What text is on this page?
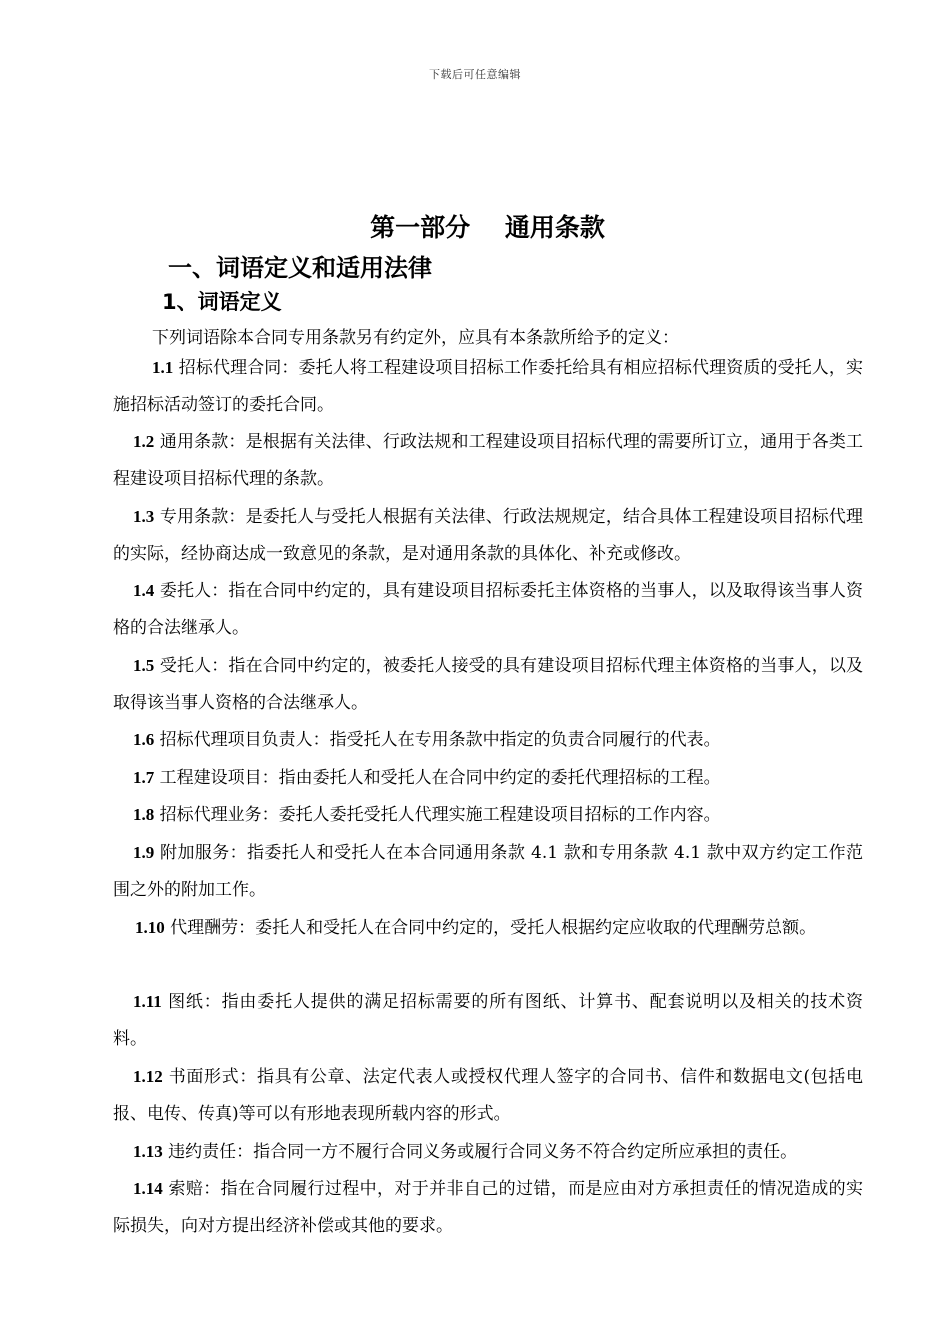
下载后可任意编辑
第一部分    通用条款
一、词语定义和适用法律
1、词语定义
下列词语除本合同专用条款另有约定外，应具有本条款所给予的定义：
1.1 招标代理合同：委托人将工程建设项目招标工作委托给具有相应招标代理资质的受托人，实施招标活动签订的委托合同。
1.2 通用条款：是根据有关法律、行政法规和工程建设项目招标代理的需要所订立，通用于各类工程建设项目招标代理的条款。
1.3 专用条款：是委托人与受托人根据有关法律、行政法规规定，结合具体工程建设项目招标代理的实际，经协商达成一致意见的条款，是对通用条款的具体化、补充或修改。
1.4 委托人：指在合同中约定的，具有建设项目招标委托主体资格的当事人，以及取得该当事人资格的合法继承人。
1.5 受托人：指在合同中约定的，被委托人接受的具有建设项目招标代理主体资格的当事人，以及取得该当事人资格的合法继承人。
1.6 招标代理项目负责人：指受托人在专用条款中指定的负责合同履行的代表。
1.7 工程建设项目：指由委托人和受托人在合同中约定的委托代理招标的工程。
1.8 招标代理业务：委托人委托受托人代理实施工程建设项目招标的工作内容。
1.9 附加服务：指委托人和受托人在本合同通用条款 4.1 款和专用条款 4.1 款中双方约定工作范围之外的附加工作。
1.10 代理酬劳：委托人和受托人在合同中约定的，受托人根据约定应收取的代理酬劳总额。
1.11 图纸：指由委托人提供的满足招标需要的所有图纸、计算书、配套说明以及相关的技术资料。
1.12 书面形式：指具有公章、法定代表人或授权代理人签字的合同书、信件和数据电文(包括电报、电传、传真)等可以有形地表现所载内容的形式。
1.13 违约责任：指合同一方不履行合同义务或履行合同义务不符合约定所应承担的责任。
1.14 索赔：指在合同履行过程中，对于并非自己的过错，而是应由对方承担责任的情况造成的实际损失，向对方提出经济补偿或其他的要求。
